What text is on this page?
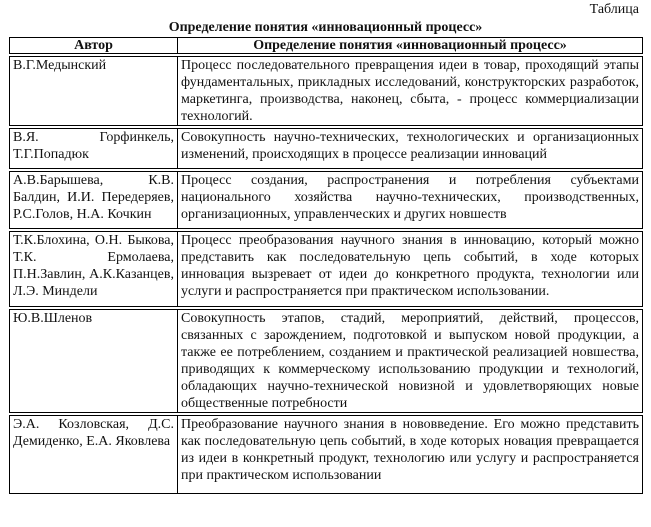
Таблица
Определение понятия «инновационный процесс»
Автор	Определение понятия «инновационный процесс»
В.Г.Медынский	Процесс последовательного превращения идеи в товар, проходящий этапы фундаментальных, прикладных исследований, конструкторских разработок, маркетинга, производства, наконец, сбыта, - процесс коммерциализации технологий.
В.Я. Горфинкель, Т.Г.Попадюк	Совокупность научно-технических, технологических и организационных изменений, происходящих в процессе реализации инноваций
А.В.Барышева, К.В. Балдин, И.И. Передеряев, Р.С.Голов, Н.А. Кочкин	Процесс создания, распространения и потребления субъектами национального хозяйства научно-технических, производственных, организационных, управленческих и других новшеств
Т.К.Блохина, О.Н. Быкова, Т.К. Ермолаева, П.Н.Завлин, А.К.Казанцев, Л.Э. Миндели	Процесс преобразования научного знания в инновацию, который можно представить как последовательную цепь событий, в ходе которых инновация вызревает от идеи до конкретного продукта, технологии или услуги и распространяется при практическом использовании.
Ю.В.Шленов	Совокупность этапов, стадий, мероприятий, действий, процессов, связанных с зарождением, подготовкой и выпуском новой продукции, а также ее потреблением, созданием и практической реализацией новшества, приводящих к коммерческому использованию продукции и технологий, обладающих научно-технической новизной и удовлетворяющих новые общественные потребности
Э.А. Козловская, Д.С. Демиденко, Е.А. Яковлева	Преобразование научного знания в нововведение. Его можно представить как последовательную цепь событий, в ходе которых новация превращается из идеи в конкретный продукт, технологию или услугу и распространяется при практическом использовании
